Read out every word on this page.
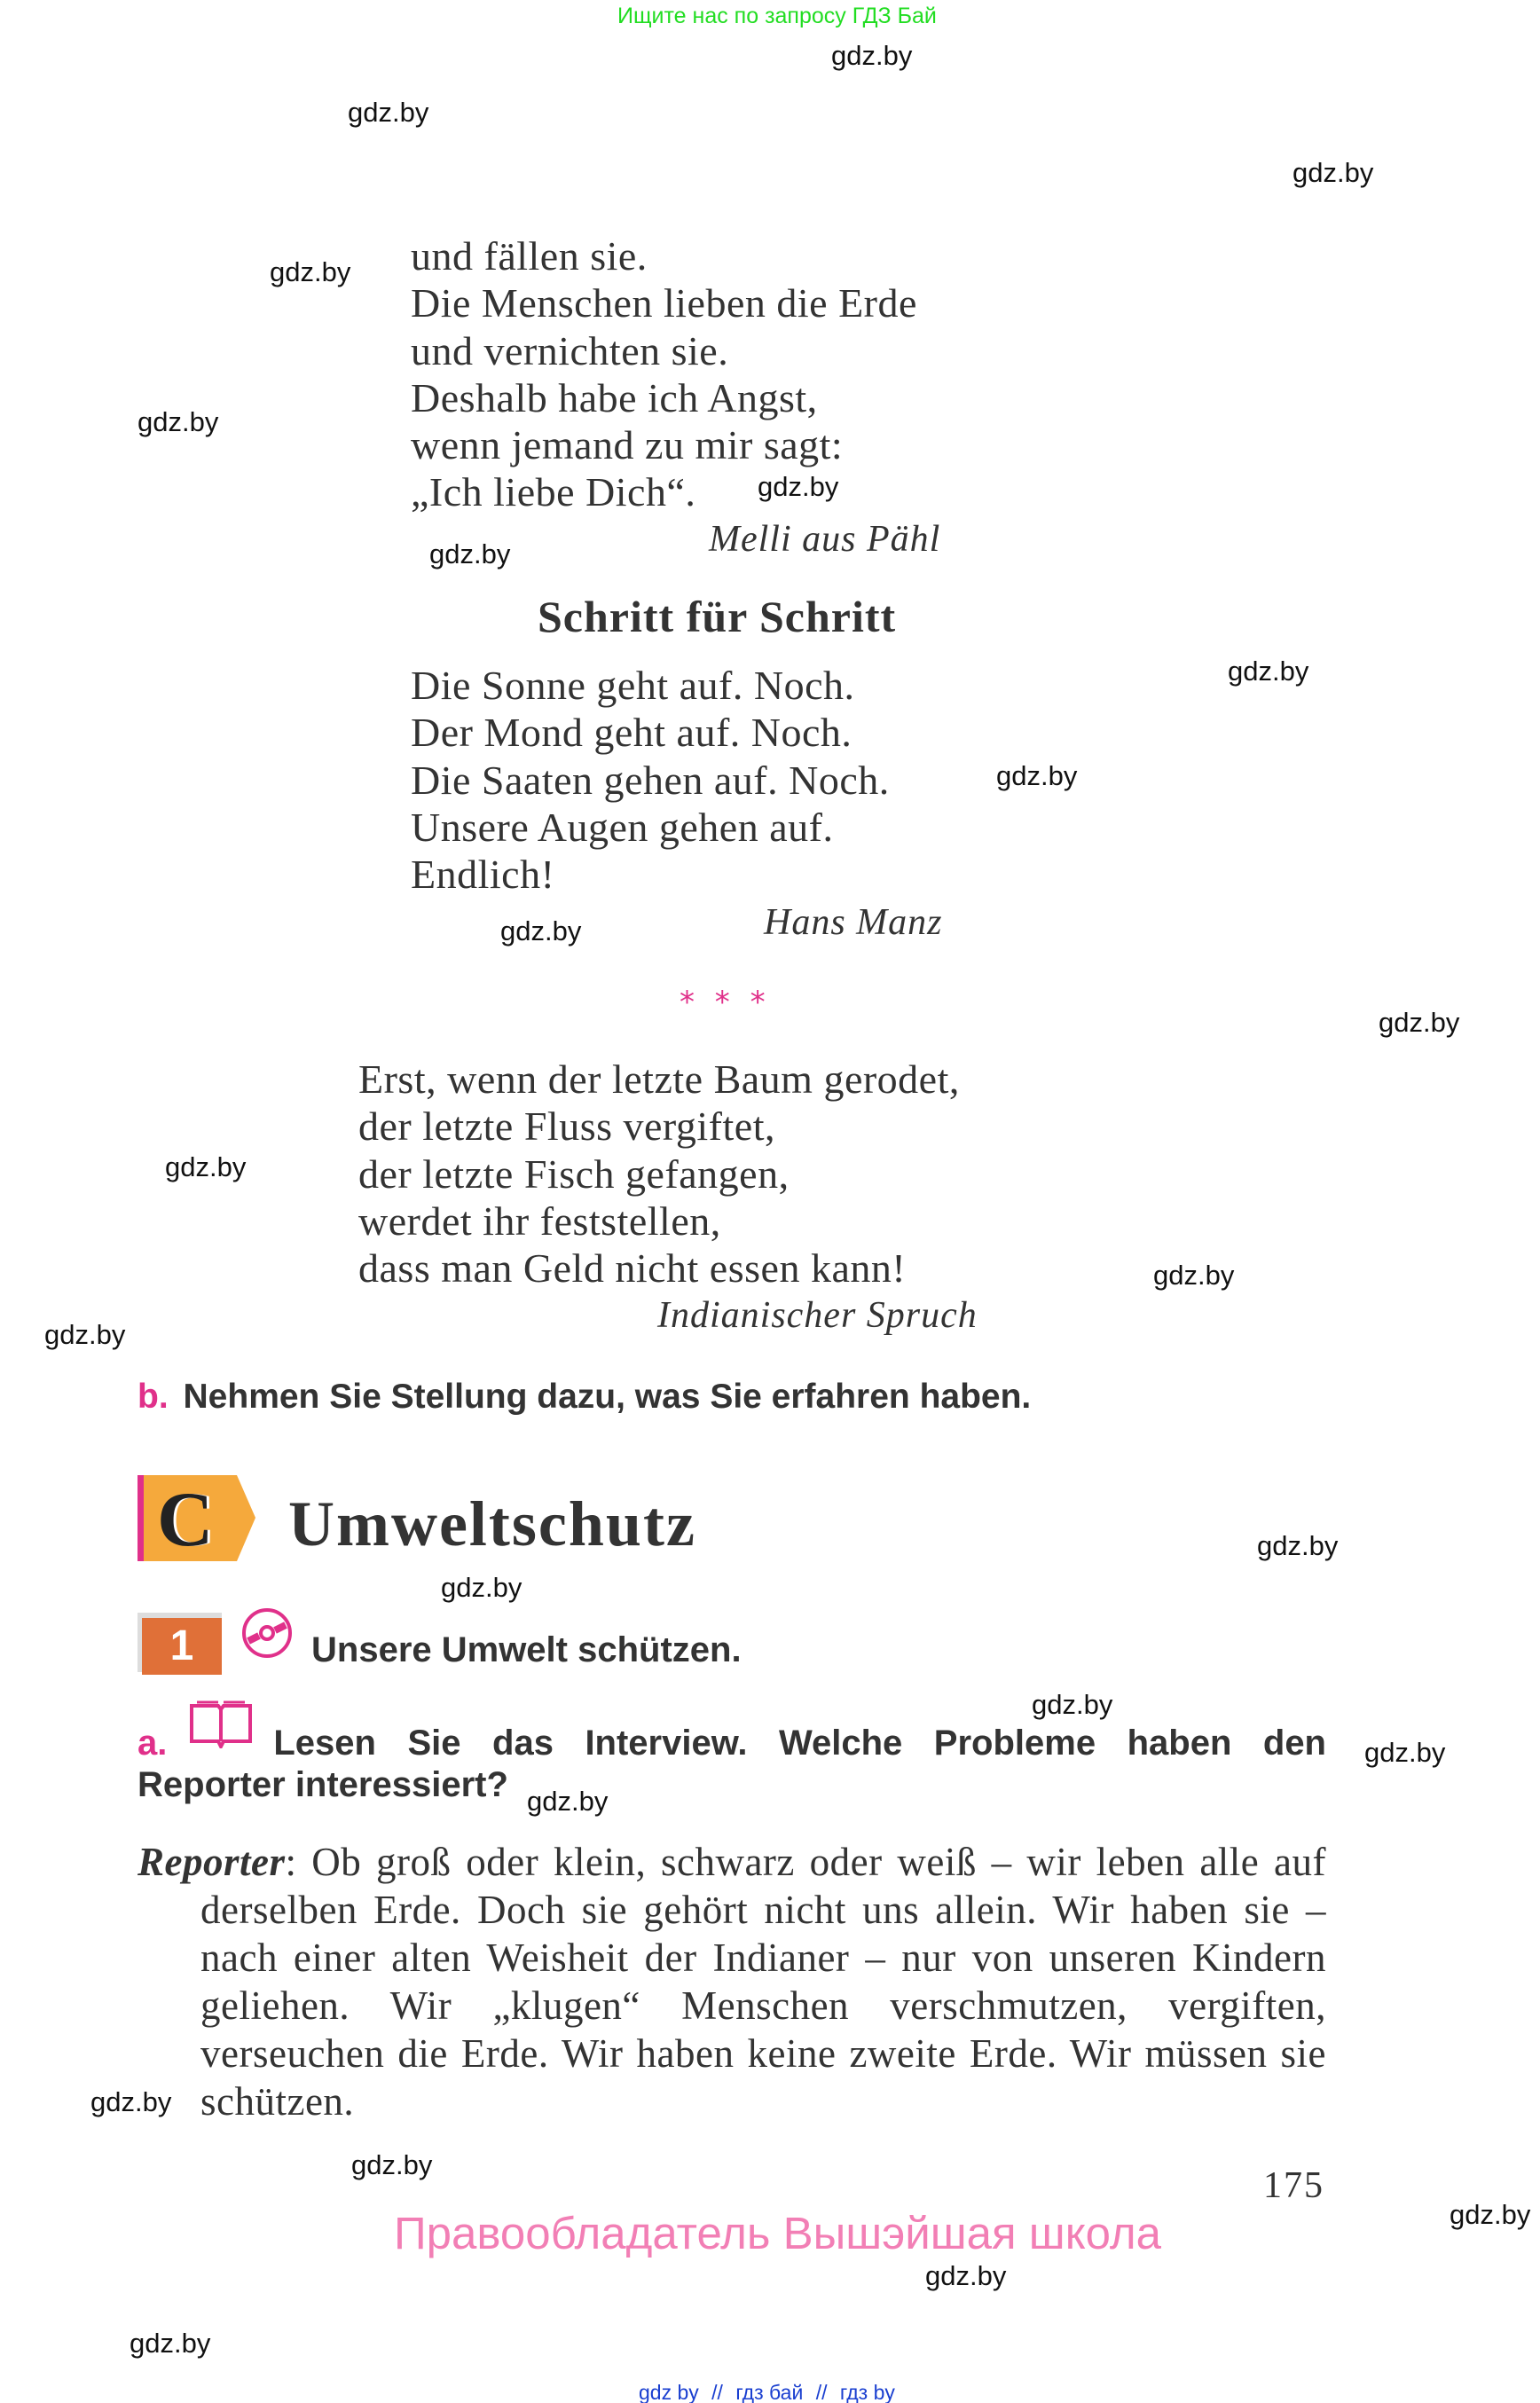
Ищите нас по запросу ГДЗ Бай
gdz.by
gdz.by
gdz.by
gdz.by
gdz.by
gdz.by
gdz.by
gdz.by
gdz.by
gdz.by
gdz.by
gdz.by
gdz.by
gdz.by
gdz.by
gdz.by
gdz.by
gdz.by
gdz.by
gdz.by
gdz.by
gdz.by
gdz.by
gdz.by
und fällen sie.
Die Menschen lieben die Erde
und vernichten sie.
Deshalb habe ich Angst,
wenn jemand zu mir sagt:
„Ich liebe Dich“.
Melli aus Pähl
Schritt für Schritt
Die Sonne geht auf. Noch.
Der Mond geht auf. Noch.
Die Saaten gehen auf. Noch.
Unsere Augen gehen auf.
Endlich!
Hans Manz
* * *
Erst, wenn der letzte Baum gerodet,
der letzte Fluss vergiftet,
der letzte Fisch gefangen,
werdet ihr feststellen,
dass man Geld nicht essen kann!
Indianischer Spruch
b. Nehmen Sie Stellung dazu, was Sie erfahren haben.
C Umweltschutz
1	Unsere Umwelt schützen.
a.	Lesen Sie das Interview. Welche Probleme haben den Reporter interessiert?
Reporter: Ob groß oder klein, schwarz oder weiß – wir leben alle auf derselben Erde. Doch sie gehört nicht uns allein. Wir haben sie – nach einer alten Weisheit der Indianer – nur von unseren Kindern geliehen. Wir „klugen“ Menschen verschmutzen, vergiften, verseuchen die Erde. Wir haben keine zweite Erde. Wir müssen sie schützen.
175
Правообладатель Вышэйшая школа
gdz by // гдз бай // гдз by
